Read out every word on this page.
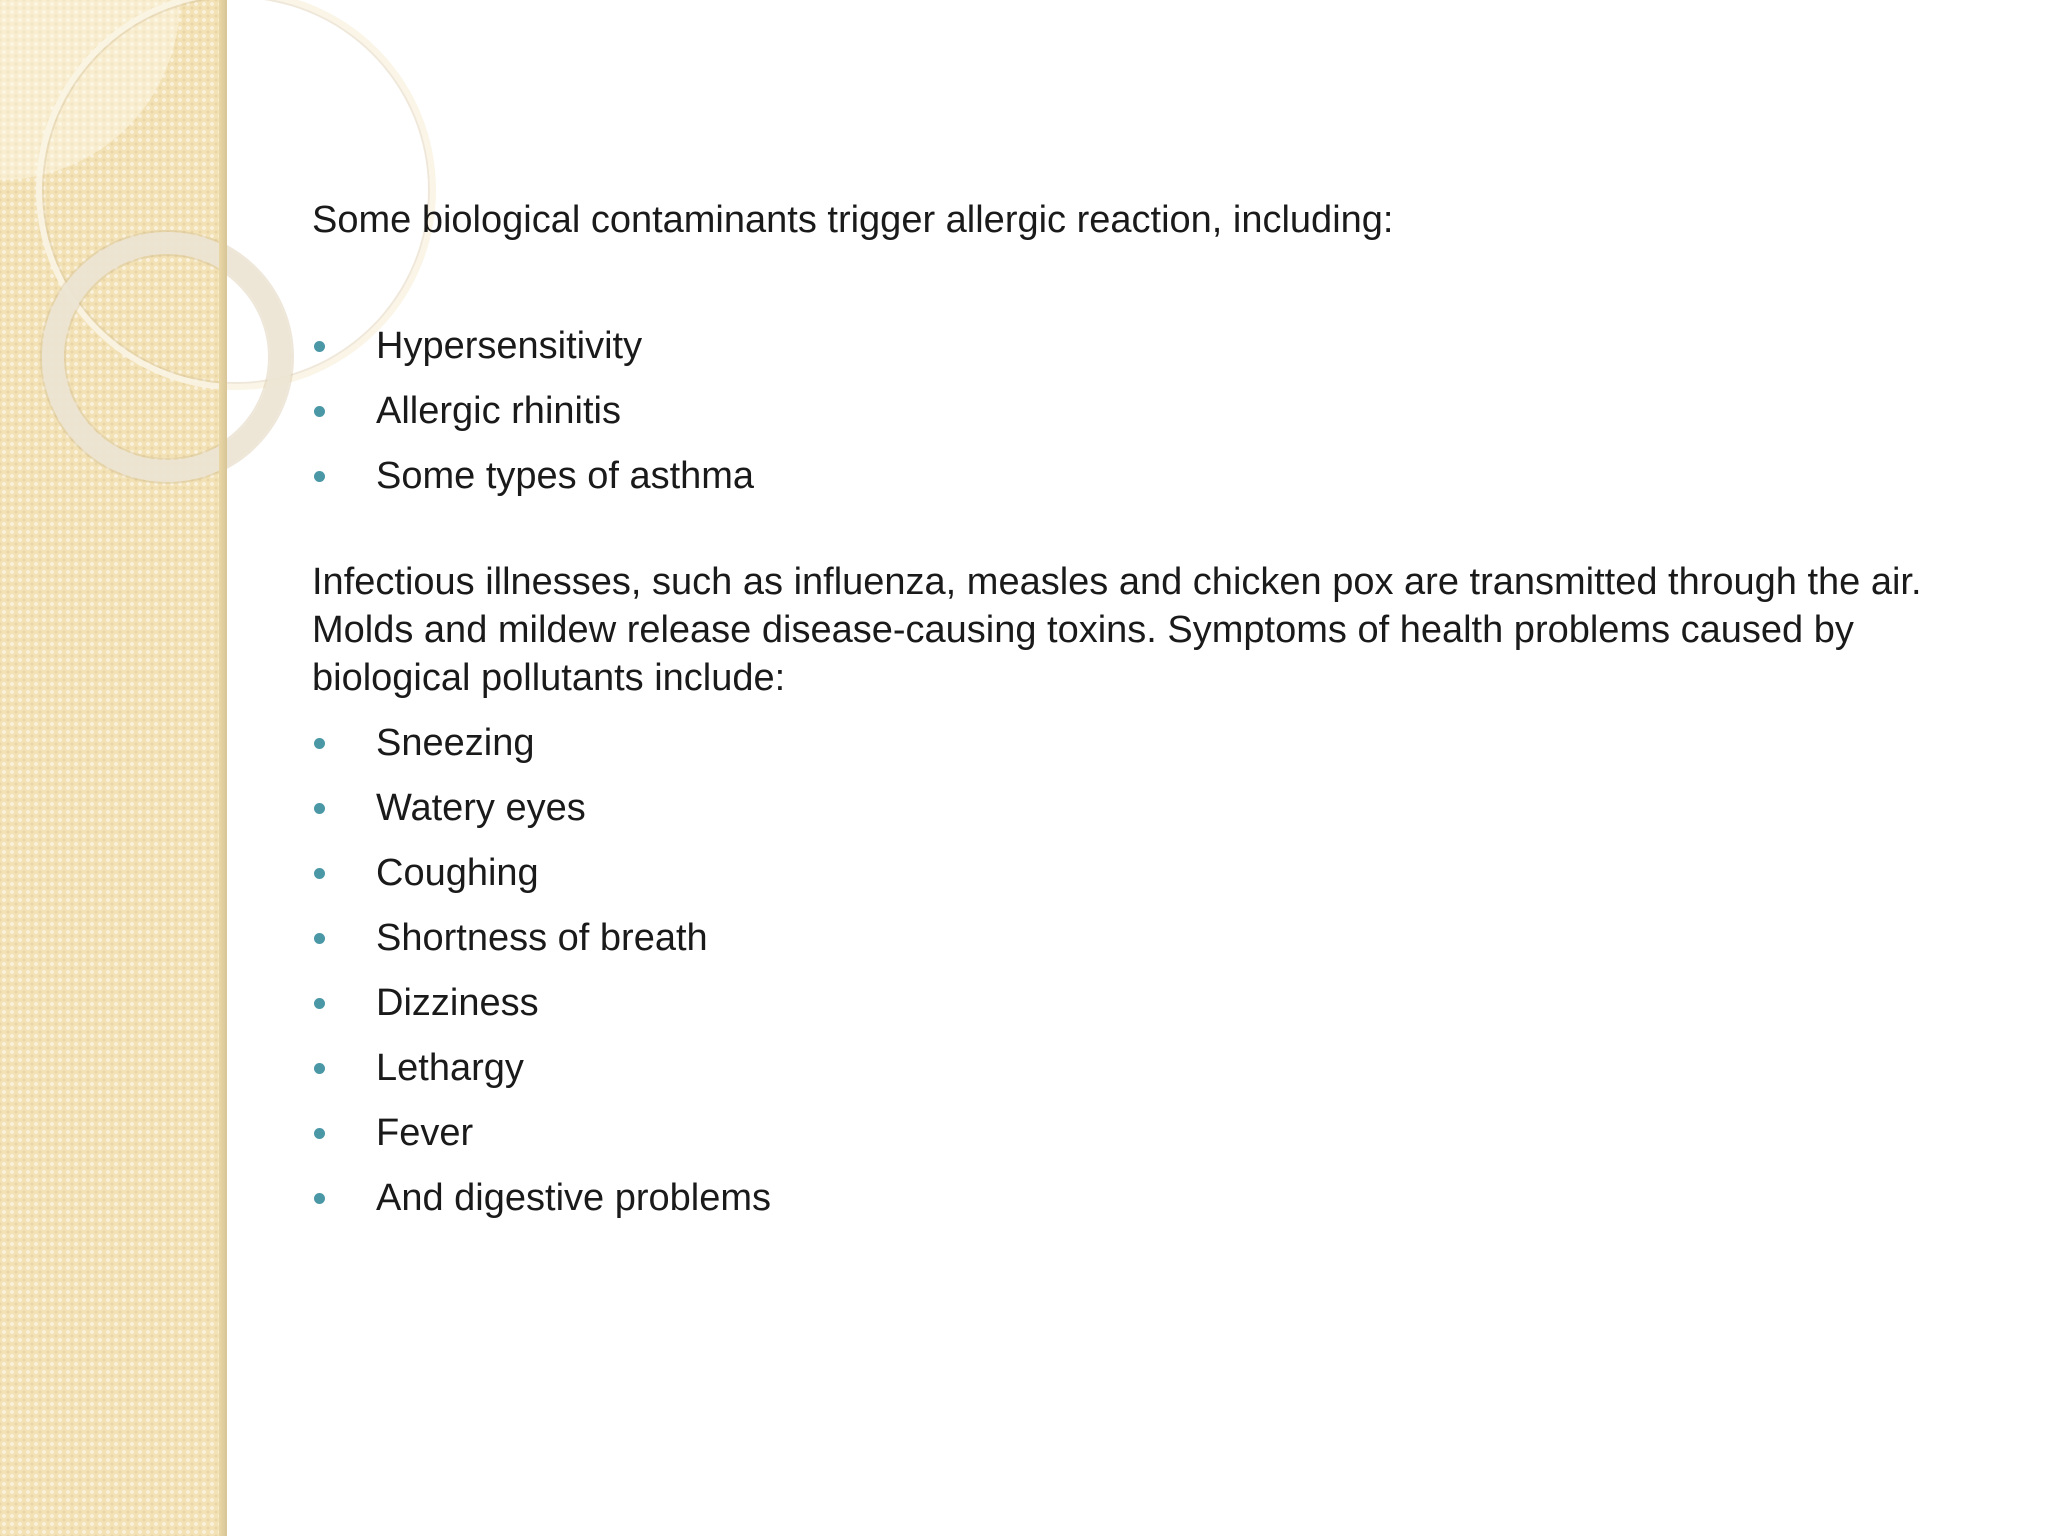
Some biological contaminants trigger allergic reaction, including:

Hypersensitivity
Allergic rhinitis
Some types of asthma

Infectious illnesses, such as influenza, measles and chicken pox are transmitted through the air. Molds and mildew release disease-causing toxins. Symptoms of health problems caused by biological pollutants include:

Sneezing
Watery eyes
Coughing
Shortness of breath
Dizziness
Lethargy
Fever
And digestive problems
